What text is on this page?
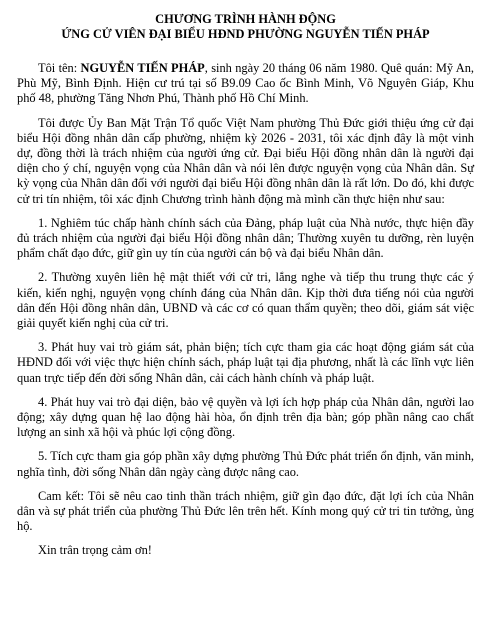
CHƯƠNG TRÌNH HÀNH ĐỘNG
ỨNG CỬ VIÊN ĐẠI BIỂU HĐND PHƯỜNG NGUYỄN TIẾN PHÁP

Tôi tên: NGUYỄN TIẾN PHÁP, sinh ngày 20 tháng 06 năm 1980. Quê quán: Mỹ An, Phù Mỹ, Bình Định. Hiện cư trú tại số B9.09 Cao ốc Bình Minh, Võ Nguyên Giáp, Khu phố 48, phường Tăng Nhơn Phú, Thành phố Hồ Chí Minh.

Tôi được Ủy Ban Mặt Trận Tổ quốc Việt Nam phường Thủ Đức giới thiệu ứng cử đại biểu Hội đồng nhân dân cấp phường, nhiệm kỳ 2026 - 2031, tôi xác định đây là một vinh dự, đồng thời là trách nhiệm của người ứng cử. Đại biểu Hội đồng nhân dân là người đại diện cho ý chí, nguyện vọng của Nhân dân và nói lên được nguyện vọng của Nhân dân. Sự kỳ vọng của Nhân dân đối với người đại biểu Hội đồng nhân dân là rất lớn. Do đó, khi được cử tri tín nhiệm, tôi xác định Chương trình hành động mà mình cần thực hiện như sau:

1. Nghiêm túc chấp hành chính sách của Đảng, pháp luật của Nhà nước, thực hiện đầy đủ trách nhiệm của người đại biểu Hội đồng nhân dân; Thường xuyên tu dưỡng, rèn luyện phẩm chất đạo đức, giữ gìn uy tín của người cán bộ và đại biểu Nhân dân.

2. Thường xuyên liên hệ mật thiết với cử tri, lắng nghe và tiếp thu trung thực các ý kiến, kiến nghị, nguyện vọng chính đáng của Nhân dân. Kịp thời đưa tiếng nói của người dân đến Hội đồng nhân dân, UBND và các cơ có quan thẩm quyền; theo dõi, giám sát việc giải quyết kiến nghị của cử tri.

3. Phát huy vai trò giám sát, phản biện; tích cực tham gia các hoạt động giám sát của HĐND đối với việc thực hiện chính sách, pháp luật tại địa phương, nhất là các lĩnh vực liên quan trực tiếp đến đời sống Nhân dân, cải cách hành chính và pháp luật.

4. Phát huy vai trò đại diện, bảo vệ quyền và lợi ích hợp pháp của Nhân dân, người lao động; xây dựng quan hệ lao động hài hòa, ổn định trên địa bàn; góp phần nâng cao chất lượng an sinh xã hội và phúc lợi cộng đồng.

5. Tích cực tham gia góp phần xây dựng phường Thủ Đức phát triển ổn định, văn minh, nghĩa tình, đời sống Nhân dân ngày càng được nâng cao.

Cam kết: Tôi sẽ nêu cao tinh thần trách nhiệm, giữ gìn đạo đức, đặt lợi ích của Nhân dân và sự phát triển của phường Thủ Đức lên trên hết. Kính mong quý cử tri tin tưởng, ủng hộ.

Xin trân trọng cảm ơn!
